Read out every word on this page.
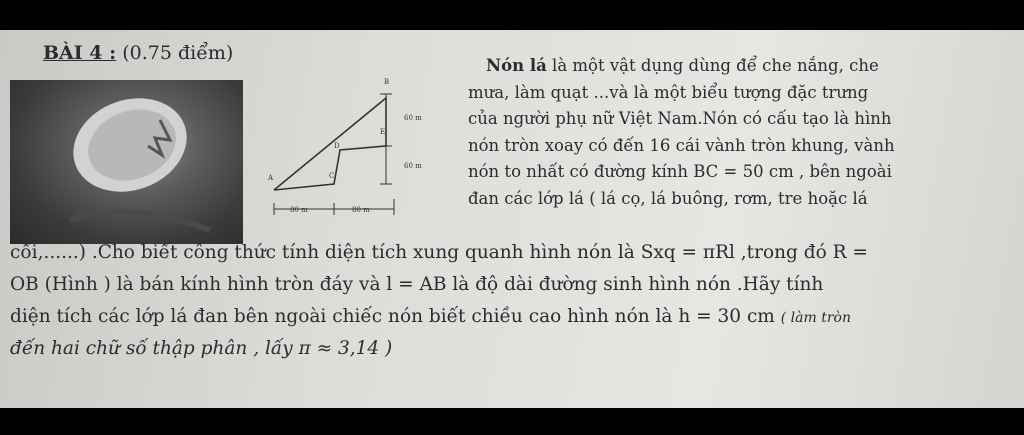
BÀI 4 : (0.75 điểm)
B
E
D
C
A
60 m
60 m
80 m	80 m
Nón lá là một vật dụng dùng để che nắng, che
mưa, làm quạt ...và là một biểu tượng đặc trưng
của người phụ nữ Việt Nam.Nón có cấu tạo là hình
nón tròn xoay có đến 16 cái vành tròn khung, vành
nón to nhất có đường kính BC = 50 cm , bên ngoài
đan các lớp lá ( lá cọ, lá buông, rơm, tre hoặc lá
cối,......) .Cho biết công thức tính diện tích xung quanh hình nón là Sxq = πRl ,trong đó R =
OB (Hình ) là bán kính hình tròn đáy và l = AB là độ dài đường sinh hình nón .Hãy tính
diện tích các lớp lá đan bên ngoài chiếc nón biết chiều cao hình nón là h = 30 cm ( làm tròn
đến hai chữ số thập phân , lấy π ≈ 3,14 )
